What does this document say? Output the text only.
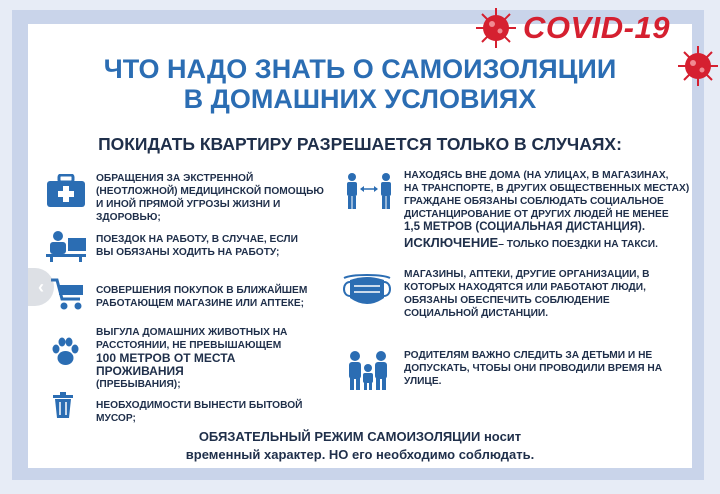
COVID-19
ЧТО НАДО ЗНАТЬ О САМОИЗОЛЯЦИИ
В ДОМАШНИХ УСЛОВИЯХ
ПОКИДАТЬ КВАРТИРУ РАЗРЕШАЕТСЯ ТОЛЬКО В СЛУЧАЯХ:
ОБРАЩЕНИЯ ЗА ЭКСТРЕННОЙ (НЕОТЛОЖНОЙ) МЕДИЦИНСКОЙ ПОМОЩЬЮ И ИНОЙ ПРЯМОЙ УГРОЗЫ ЖИЗНИ И ЗДОРОВЬЮ;
ПОЕЗДОК НА РАБОТУ, В СЛУЧАЕ, ЕСЛИ ВЫ ОБЯЗАНЫ ХОДИТЬ НА РАБОТУ;
СОВЕРШЕНИЯ ПОКУПОК В БЛИЖАЙШЕМ РАБОТАЮЩЕМ МАГАЗИНЕ ИЛИ АПТЕКЕ;
ВЫГУЛА ДОМАШНИХ ЖИВОТНЫХ НА
РАССТОЯНИИ, НЕ ПРЕВЫШАЮЩЕМ
100 МЕТРОВ ОТ МЕСТА ПРОЖИВАНИЯ
(ПРЕБЫВАНИЯ);
НЕОБХОДИМОСТИ ВЫНЕСТИ БЫТОВОЙ МУСОР;
НАХОДЯСЬ ВНЕ ДОМА (НА УЛИЦАХ, В МАГАЗИНАХ,
НА ТРАНСПОРТЕ, В ДРУГИХ ОБЩЕСТВЕННЫХ МЕСТАХ)
ГРАЖДАНЕ ОБЯЗАНЫ СОБЛЮДАТЬ СОЦИАЛЬНОЕ
ДИСТАНЦИРОВАНИЕ ОТ ДРУГИХ ЛЮДЕЙ НЕ МЕНЕЕ
1,5 МЕТРОВ (СОЦИАЛЬНАЯ ДИСТАНЦИЯ).
ИСКЛЮЧЕНИЕ– ТОЛЬКО ПОЕЗДКИ НА ТАКСИ.
МАГАЗИНЫ, АПТЕКИ, ДРУГИЕ ОРГАНИЗАЦИИ, В КОТОРЫХ НАХОДЯТСЯ ИЛИ РАБОТАЮТ ЛЮДИ, ОБЯЗАНЫ ОБЕСПЕЧИТЬ СОБЛЮДЕНИЕ СОЦИАЛЬНОЙ ДИСТАНЦИИ.
РОДИТЕЛЯМ ВАЖНО СЛЕДИТЬ ЗА ДЕТЬМИ И НЕ ДОПУСКАТЬ, ЧТОБЫ ОНИ ПРОВОДИЛИ ВРЕМЯ НА УЛИЦЕ.
ОБЯЗАТЕЛЬНЫЙ РЕЖИМ САМОИЗОЛЯЦИИ носит
временный характер. НО его необходимо соблюдать.
‹
